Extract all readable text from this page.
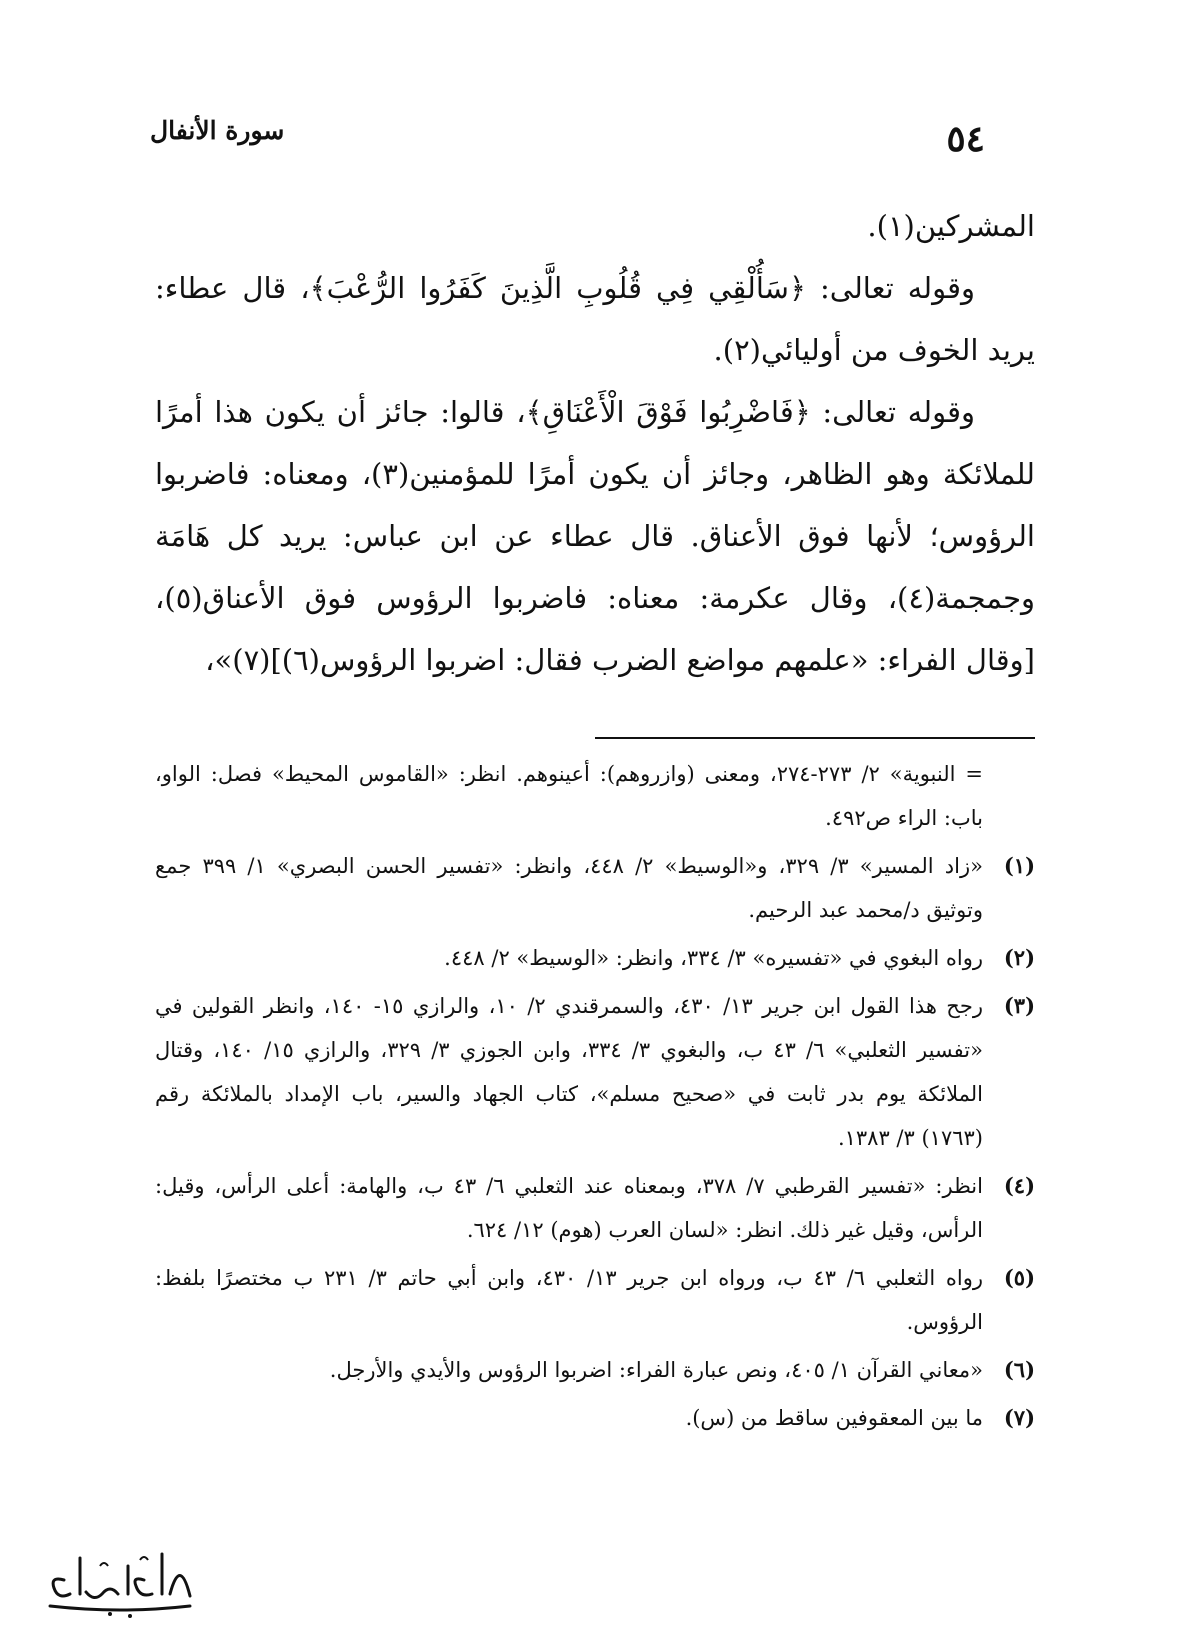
٥٤
سورة الأنفال

المشركين(١).

وقوله تعالى: ﴿سَأُلْقِي فِي قُلُوبِ الَّذِينَ كَفَرُوا الرُّعْبَ﴾، قال عطاء: يريد الخوف من أوليائي(٢).

وقوله تعالى: ﴿فَاضْرِبُوا فَوْقَ الْأَعْنَاقِ﴾، قالوا: جائز أن يكون هذا أمرًا للملائكة وهو الظاهر، وجائز أن يكون أمرًا للمؤمنين(٣)، ومعناه: فاضربوا الرؤوس؛ لأنها فوق الأعناق. قال عطاء عن ابن عباس: يريد كل هَامَة وجمجمة(٤)، وقال عكرمة: معناه: فاضربوا الرؤوس فوق الأعناق(٥)، [وقال الفراء: «علمهم مواضع الضرب فقال: اضربوا الرؤوس(٦)](٧)»،

= النبوية» ٢/ ٢٧٣-٢٧٤، ومعنى (وازروهم): أعينوهم. انظر: «القاموس المحيط» فصل: الواو، باب: الراء ص٤٩٢.
(١)
«زاد المسير» ٣/ ٣٢٩، و«الوسيط» ٢/ ٤٤٨، وانظر: «تفسير الحسن البصري» ١/ ٣٩٩ جمع وتوثيق د/محمد عبد الرحيم.
(٢)
رواه البغوي في «تفسيره» ٣/ ٣٣٤، وانظر: «الوسيط» ٢/ ٤٤٨.
(٣)
رجح هذا القول ابن جرير ١٣/ ٤٣٠، والسمرقندي ٢/ ١٠، والرازي ١٥- ١٤٠، وانظر القولين في «تفسير الثعلبي» ٦/ ٤٣ ب، والبغوي ٣/ ٣٣٤، وابن الجوزي ٣/ ٣٢٩، والرازي ١٥/ ١٤٠، وقتال الملائكة يوم بدر ثابت في «صحيح مسلم»، كتاب الجهاد والسير، باب الإمداد بالملائكة رقم (١٧٦٣) ٣/ ١٣٨٣.
(٤)
انظر: «تفسير القرطبي ٧/ ٣٧٨، وبمعناه عند الثعلبي ٦/ ٤٣ ب، والهامة: أعلى الرأس، وقيل: الرأس، وقيل غير ذلك. انظر: «لسان العرب (هوم) ١٢/ ٦٢٤.
(٥)
رواه الثعلبي ٦/ ٤٣ ب، ورواه ابن جرير ١٣/ ٤٣٠، وابن أبي حاتم ٣/ ٢٣١ ب مختصرًا بلفظ: الرؤوس.
(٦)
«معاني القرآن ١/ ٤٠٥، ونص عبارة الفراء: اضربوا الرؤوس والأيدي والأرجل.
(٧)
ما بين المعقوفين ساقط من (س).
